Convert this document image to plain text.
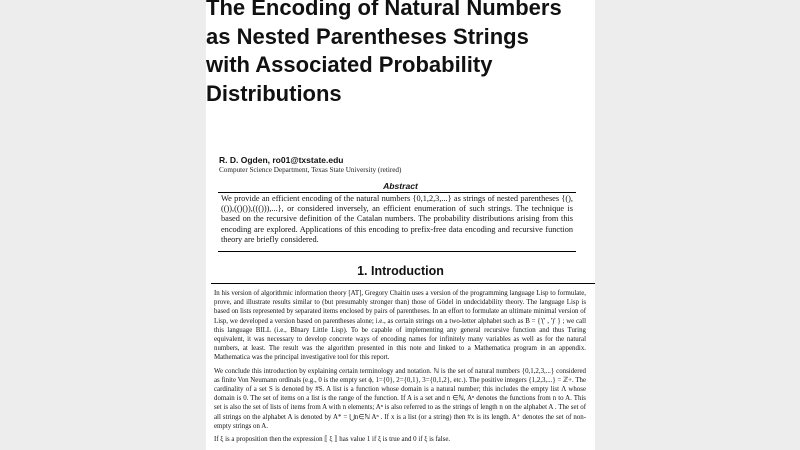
The Encoding of Natural Numbers
as Nested Parentheses Strings
with Associated Probability
Distributions
R. D. Ogden, ro01@txstate.edu
Computer Science Department, Texas State University (retired)
Abstract

We provide an efficient encoding of the natural numbers {0,1,2,3,...} as strings of nested parentheses {(),(()),(()()),((())),...}, or considered inversely, an efficient enumeration of such strings. The technique is based on the recursive definition of the Catalan numbers. The probability distributions arising from this encoding are explored. Applications of this encoding to prefix-free data encoding and recursive function theory are briefly considered.

1. Introduction

In his version of algorithmic information theory [AT], Gregory Chaitin uses a version of the programming language Lisp to formulate, prove, and illustrate results similar to (but presumably stronger than) those of Gödel in undecidability theory. The language Lisp is based on lists represented by separated items enclosed by pairs of parentheses. In an effort to formulate an ultimate minimal version of Lisp, we developed a version based on parentheses alone; i.e., as certain strings on a two-letter alphabet such as B = {'(' , ')' } ; we call this language BILL (i.e., BInary Little Lisp). To be capable of implementing any general recursive function and thus Turing equivalent, it was necessary to develop concrete ways of encoding names for infinitely many variables as well as for the natural numbers, at least. The result was the algorithm presented in this note and linked to a Mathematica program in an appendix. Mathematica was the principal investigative tool for this report.

We conclude this introduction by explaining certain terminology and notation. ℕ is the set of natural numbers {0,1,2,3,...} considered as finite Von Neumann ordinals (e.g., 0 is the empty set ϕ, 1={0}, 2={0,1}, 3={0,1,2}, etc.). The positive integers {1,2,3,...} = ℤ+. The cardinality of a set S is denoted by #S. A list is a function whose domain is a natural number; this includes the empty list Λ whose domain is 0. The set of items on a list is the range of the function. If A is a set and n ∈ℕ, Aⁿ denotes the functions from n to A. This set is also the set of lists of items from A with n elements; Aⁿ is also referred to as the strings of length n on the alphabet A . The set of all strings on the alphabet A is denoted by A* = ⋃n∈ℕ Aⁿ . If x is a list (or a string) then #x is its length. A⁺ denotes the set of non-empty strings on A.

If ξ is a proposition then the expression ⟦ ξ ⟧ has value 1 if ξ is true and 0 if ξ is false.
